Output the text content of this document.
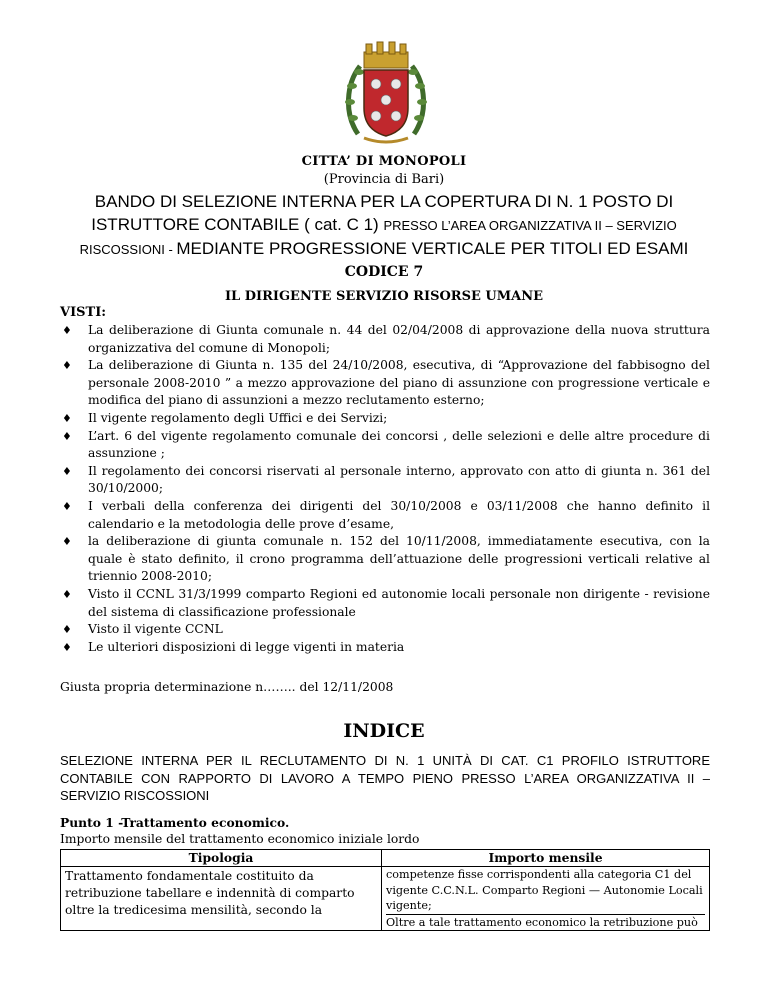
CITTA’ DI MONOPOLI
(Provincia di Bari)
BANDO DI SELEZIONE INTERNA PER LA COPERTURA DI N. 1 POSTO DI
ISTRUTTORE CONTABILE ( cat. C 1) PRESSO L’AREA ORGANIZZATIVA II – SERVIZIO
RISCOSSIONI - MEDIANTE PROGRESSIONE VERTICALE PER TITOLI ED ESAMI
CODICE 7
IL DIRIGENTE SERVIZIO RISORSE UMANE
VISTI:
♦ La deliberazione di Giunta comunale n. 44 del 02/04/2008 di approvazione della nuova struttura organizzativa del comune di Monopoli;
♦ La deliberazione di Giunta n. 135 del 24/10/2008, esecutiva, di “Approvazione del fabbisogno del personale 2008-2010 ” a mezzo approvazione del piano di assunzione con progressione verticale e modifica del piano di assunzioni a mezzo reclutamento esterno;
♦ Il vigente regolamento degli Uffici e dei Servizi;
♦ L’art. 6 del vigente regolamento comunale dei concorsi , delle selezioni e delle altre procedure di assunzione ;
♦ Il regolamento dei concorsi riservati al personale interno, approvato con atto di giunta n. 361 del 30/10/2000;
♦ I verbali della conferenza dei dirigenti del 30/10/2008 e 03/11/2008 che hanno definito il calendario e la metodologia delle prove d’esame,
♦ la deliberazione di giunta comunale n. 152 del 10/11/2008, immediatamente esecutiva, con la quale è stato definito, il crono programma dell’attuazione delle progressioni verticali relative al triennio 2008-2010;
♦ Visto il CCNL 31/3/1999 comparto Regioni ed autonomie locali personale non dirigente - revisione del sistema di classificazione professionale
♦ Visto il vigente CCNL
♦ Le ulteriori disposizioni di legge vigenti in materia
Giusta propria determinazione n…….. del 12/11/2008
INDICE
SELEZIONE INTERNA PER IL RECLUTAMENTO DI N. 1 UNITÀ DI CAT. C1 PROFILO ISTRUTTORE CONTABILE CON RAPPORTO DI LAVORO A TEMPO PIENO PRESSO L’AREA ORGANIZZATIVA II – SERVIZIO RISCOSSIONI
Punto 1 -Trattamento economico.
Importo mensile del trattamento economico iniziale lordo
Tipologia	Importo mensile
Trattamento fondamentale costituito da retribuzione tabellare e indennità di comparto oltre la tredicesima mensilità, secondo la	competenze fisse corrispondenti alla categoria C1 del vigente C.C.N.L. Comparto Regioni — Autonomie Locali vigente;
Oltre a tale trattamento economico la retribuzione può
